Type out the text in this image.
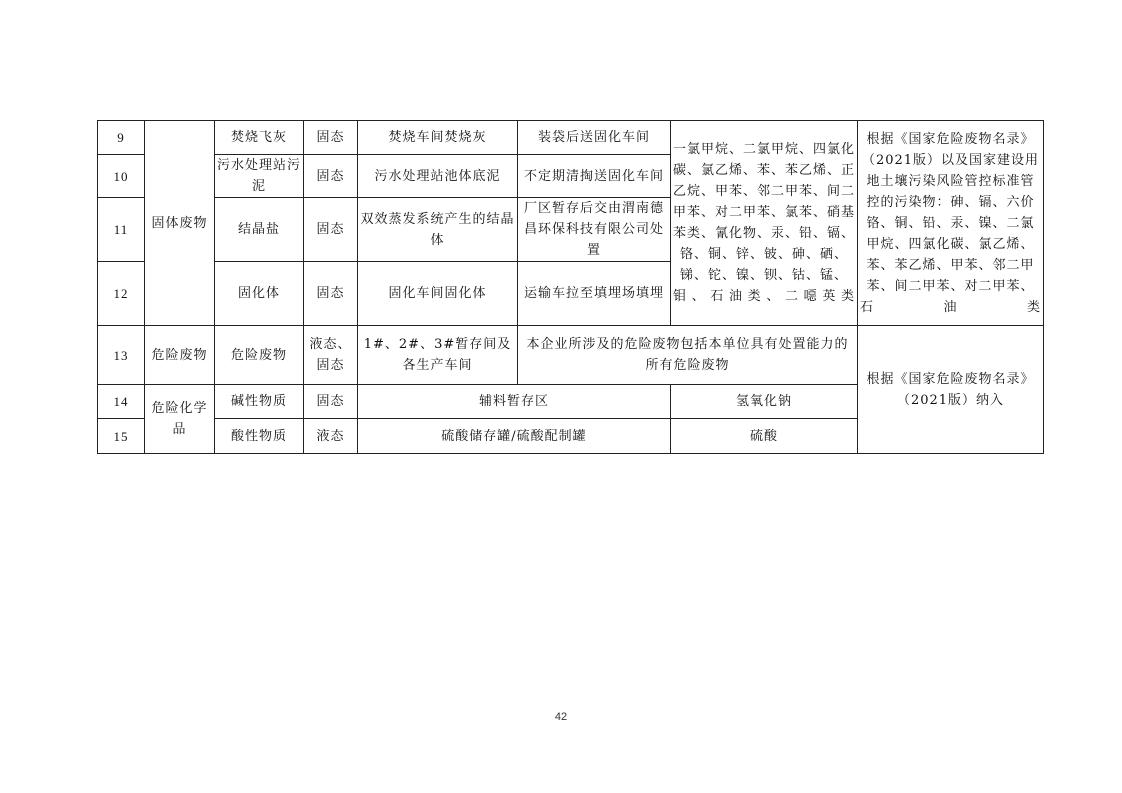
9	固体废物	焚烧飞灰	固态	焚烧车间焚烧灰	装袋后送固化车间	一氯甲烷、二氯甲烷、四氯化碳、氯乙烯、苯、苯乙烯、正乙烷、甲苯、邻二甲苯、间二甲苯、对二甲苯、氯苯、硝基苯类、氰化物、汞、铅、镉、铬、铜、锌、铍、砷、硒、锑、铊、镍、钡、钴、锰、钼、石油类、二噁英类	根据《国家危险废物名录》（2021版）以及国家建设用地土壤污染风险管控标准管控的污染物：砷、镉、六价铬、铜、铅、汞、镍、二氯甲烷、四氯化碳、氯乙烯、苯、苯乙烯、甲苯、邻二甲苯、间二甲苯、对二甲苯、石油类
10		污水处理站污泥	固态	污水处理站池体底泥	不定期清掏送固化车间		
11		结晶盐	固态	双效蒸发系统产生的结晶体	厂区暂存后交由渭南德昌环保科技有限公司处置		
12		固化体	固态	固化车间固化体	运输车拉至填埋场填埋		
13	危险废物	危险废物	液态、固态	1#、2#、3#暂存间及各生产车间	本企业所涉及的危险废物包括本单位具有处置能力的所有危险废物		根据《国家危险废物名录》（2021版）纳入
14	危险化学品	碱性物质	固态	辅料暂存区		氢氧化钠	
15		酸性物质	液态	硫酸储存罐/硫酸配制罐		硫酸	
42
